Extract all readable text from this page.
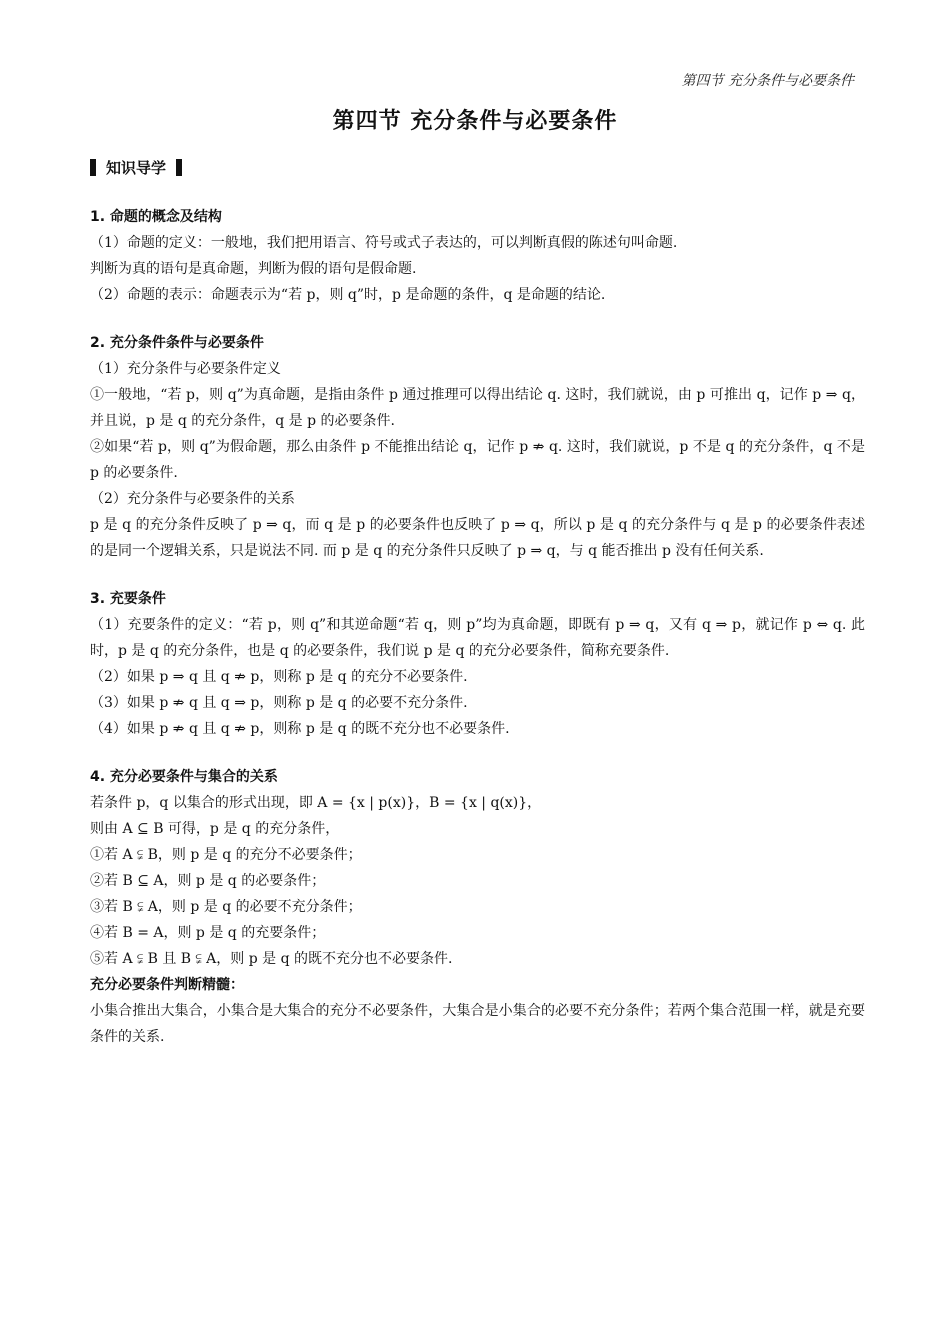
第四节 充分条件与必要条件
第四节 充分条件与必要条件
知识导学
1. 命题的概念及结构
（1）命题的定义：一般地，我们把用语言、符号或式子表达的，可以判断真假的陈述句叫命题.
判断为真的语句是真命题，判断为假的语句是假命题.
（2）命题的表示：命题表示为“若 p，则 q”时，p 是命题的条件，q 是命题的结论.
2. 充分条件条件与必要条件
（1）充分条件与必要条件定义
①一般地，“若 p，则 q”为真命题，是指由条件 p 通过推理可以得出结论 q. 这时，我们就说，由 p 可推出 q，记作 p ⇒ q，并且说，p 是 q 的充分条件，q 是 p 的必要条件.
②如果“若 p，则 q”为假命题，那么由条件 p 不能推出结论 q，记作 p ⇏ q. 这时，我们就说，p 不是 q 的充分条件，q 不是 p 的必要条件.
（2）充分条件与必要条件的关系
p 是 q 的充分条件反映了 p ⇒ q，而 q 是 p 的必要条件也反映了 p ⇒ q，所以 p 是 q 的充分条件与 q 是 p 的必要条件表述的是同一个逻辑关系，只是说法不同. 而 p 是 q 的充分条件只反映了 p ⇒ q，与 q 能否推出 p 没有任何关系.
3. 充要条件
（1）充要条件的定义：“若 p，则 q”和其逆命题“若 q，则 p”均为真命题，即既有 p ⇒ q，又有 q ⇒ p，就记作 p ⇔ q. 此时，p 是 q 的充分条件，也是 q 的必要条件，我们说 p 是 q 的充分必要条件，简称充要条件.
（2）如果 p ⇒ q 且 q ⇏ p，则称 p 是 q 的充分不必要条件.
（3）如果 p ⇏ q 且 q ⇒ p，则称 p 是 q 的必要不充分条件.
（4）如果 p ⇏ q 且 q ⇏ p，则称 p 是 q 的既不充分也不必要条件.
4. 充分必要条件与集合的关系
若条件 p，q 以集合的形式出现，即 A = {x | p(x)}，B = {x | q(x)}，
则由 A ⊆ B 可得，p 是 q 的充分条件，
①若 A ⫋ B，则 p 是 q 的充分不必要条件；
②若 B ⊆ A，则 p 是 q 的必要条件；
③若 B ⫋ A，则 p 是 q 的必要不充分条件；
④若 B = A，则 p 是 q 的充要条件；
⑤若 A ⫋ B 且 B ⫋ A，则 p 是 q 的既不充分也不必要条件.
充分必要条件判断精髓：
小集合推出大集合，小集合是大集合的充分不必要条件，大集合是小集合的必要不充分条件；若两个集合范围一样，就是充要条件的关系.
